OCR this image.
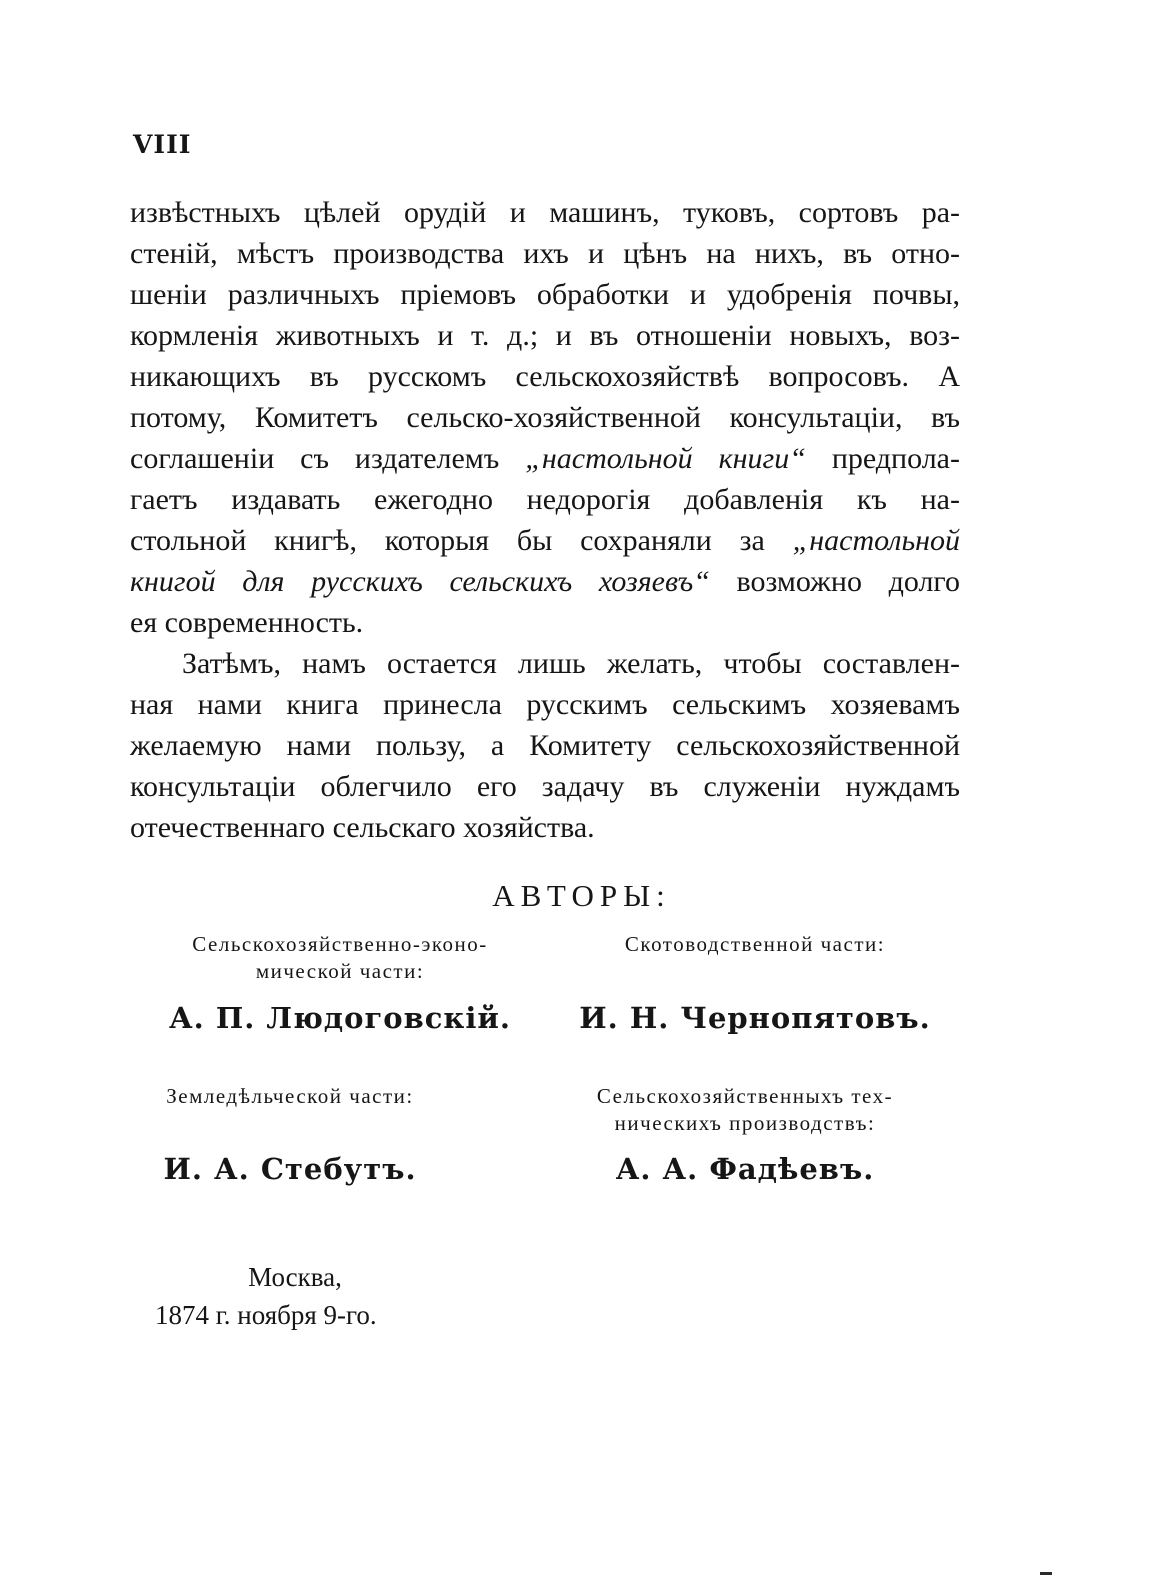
VIII
извѣстныхъ цѣлей орудій и машинъ, туковъ, сортовъ ра-
стеній, мѣстъ производства ихъ и цѣнъ на нихъ, въ отно-
шеніи различныхъ пріемовъ обработки и удобренія почвы,
кормленія животныхъ и т. д.; и въ отношеніи новыхъ, воз-
никающихъ въ русскомъ сельскохозяйствѣ вопросовъ. А
потому, Комитетъ сельско-хозяйственной консультаціи, въ
соглашеніи съ издателемъ „настольной книги“ предпола-
гаетъ издавать ежегодно недорогія добавленія къ на-
стольной книгѣ, которыя бы сохраняли за „настольной
книгой для русскихъ сельскихъ хозяевъ“ возможно долго
ея современность.
Затѣмъ, намъ остается лишь желать, чтобы составлен-
ная нами книга принесла русскимъ сельскимъ хозяевамъ
желаемую нами пользу, а Комитету сельскохозяйственной
консультаціи облегчило его задачу въ служеніи нуждамъ
отечественнаго сельскаго хозяйства.
АВТОРЫ:
Сельскохозяйственно-эконо-
мической части:
А. П. Людоговскій.
Скотоводственной части:
И. Н. Чернопятовъ.
Земледѣльческой части:
И. А. Стебутъ.
Сельскохозяйственныхъ тех-
ническихъ производствъ:
А. А. Фадѣевъ.
Москва,
1874 г. ноября 9-го.
